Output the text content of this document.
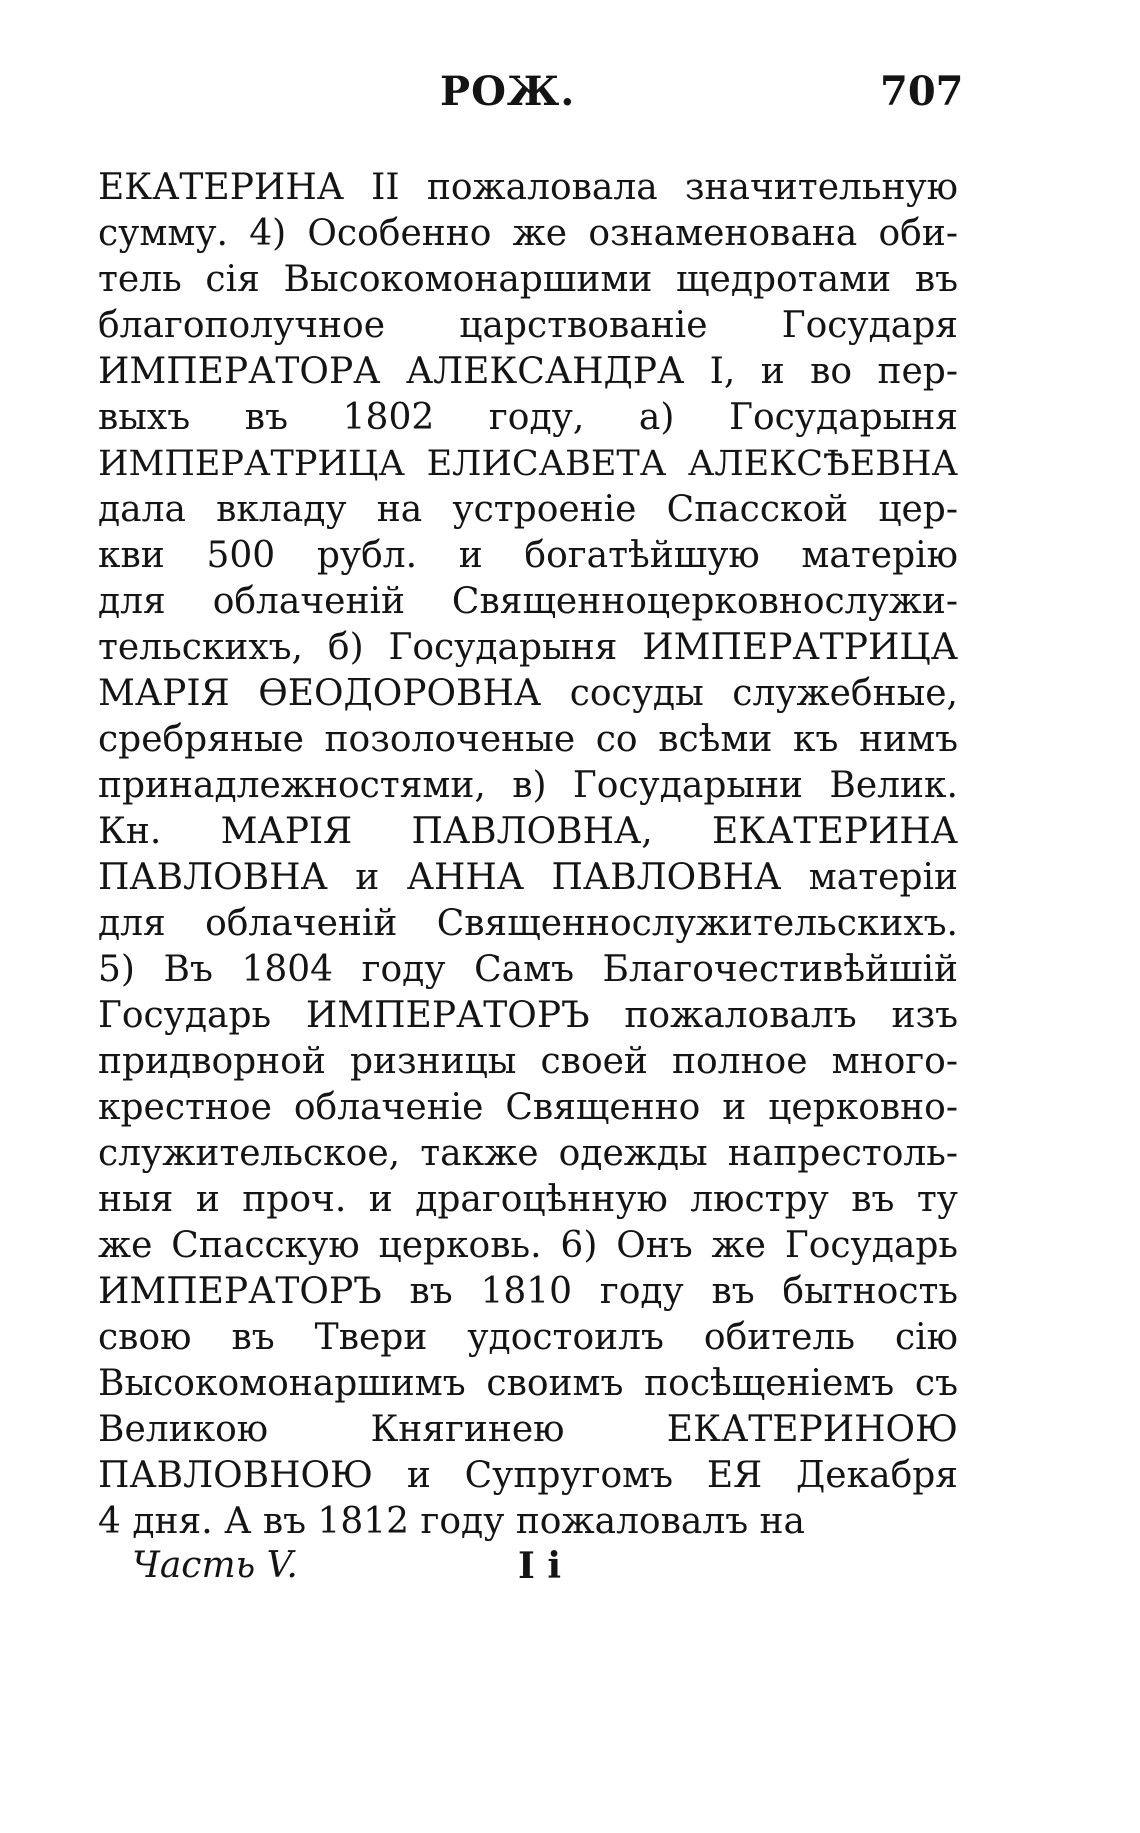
РОЖ.	707
ЕКАТЕРИНА II пожаловала значительную
сумму. 4) Особенно же ознаменована оби-
тель сія Высокомонаршими щедротами въ
благополучное царствованіе Государя
ИМПЕРАТОРА АЛЕКСАНДРА I, и во пер-
выхъ въ 1802 году, а) Государыня
ИМПЕРАТРИЦА ЕЛИСАВЕТА АЛЕКСѢЕВНА
дала вкладу на устроеніе Спасской цер-
кви 500 рубл. и богатѣйшую матерію
для облаченій Священноцерковнослужи-
тельскихъ, б) Государыня ИМПЕРАТРИЦА
МАРІЯ ѲЕОДОРОВНА сосуды служебные,
сребряные позолоченые со всѣми къ нимъ
принадлежностями, в) Государыни Велик.
Кн. МАРІЯ ПАВЛОВНА, ЕКАТЕРИНА
ПАВЛОВНА и АННА ПАВЛОВНА матеріи
для облаченій Священнослужительскихъ.
5) Въ 1804 году Самъ Благочестивѣйшій
Государь ИМПЕРАТОРЪ пожаловалъ изъ
придворной ризницы своей полное много-
крестное облаченіе Священно и церковно-
служительское, также одежды напрестоль-
ныя и проч. и драгоцѣнную люстру въ ту
же Спасскую церковь. 6) Онъ же Государь
ИМПЕРАТОРЪ въ 1810 году въ бытность
свою въ Твери удостоилъ обитель сію
Высокомонаршимъ своимъ посѣщеніемъ съ
Великою Княгинею ЕКАТЕРИНОЮ
ПАВЛОВНОЮ и Супругомъ ЕЯ Декабря
4 дня. А въ 1812 году пожаловалъ на
Часть V.	I i
